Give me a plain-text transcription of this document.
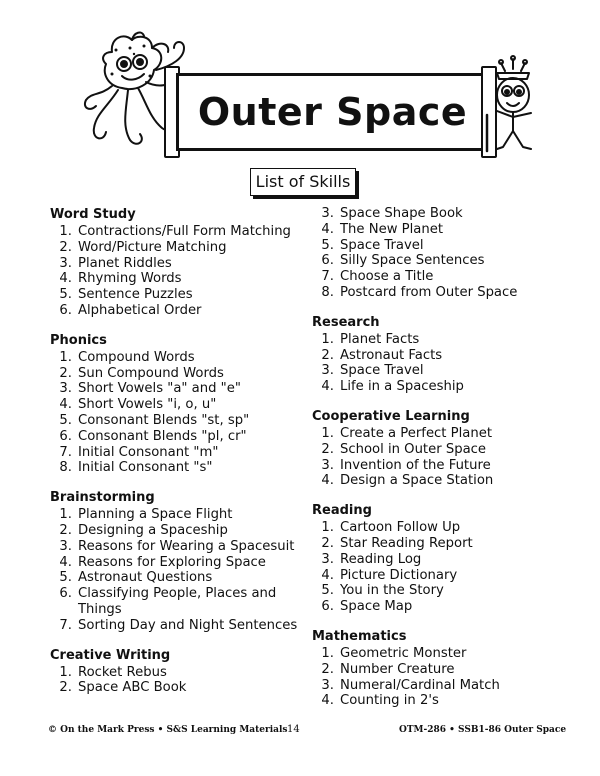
Outer Space
List of Skills
Word Study
1. Contractions/Full Form Matching
2. Word/Picture Matching
3. Planet Riddles
4. Rhyming Words
5. Sentence Puzzles
6. Alphabetical Order
Phonics
1. Compound Words
2. Sun Compound Words
3. Short Vowels "a" and "e"
4. Short Vowels "i, o, u"
5. Consonant Blends "st, sp"
6. Consonant Blends "pl, cr"
7. Initial Consonant "m"
8. Initial Consonant "s"
Brainstorming
1. Planning a Space Flight
2. Designing a Spaceship
3. Reasons for Wearing a Spacesuit
4. Reasons for Exploring Space
5. Astronaut Questions
6. Classifying People, Places and
Things
7. Sorting Day and Night Sentences
Creative Writing
1. Rocket Rebus
2. Space ABC Book
3. Space Shape Book
4. The New Planet
5. Space Travel
6. Silly Space Sentences
7. Choose a Title
8. Postcard from Outer Space
Research
1. Planet Facts
2. Astronaut Facts
3. Space Travel
4. Life in a Spaceship
Cooperative Learning
1. Create a Perfect Planet
2. School in Outer Space
3. Invention of the Future
4. Design a Space Station
Reading
1. Cartoon Follow Up
2. Star Reading Report
3. Reading Log
4. Picture Dictionary
5. You in the Story
6. Space Map
Mathematics
1. Geometric Monster
2. Number Creature
3. Numeral/Cardinal Match
4. Counting in 2's
© On the Mark Press • S&S Learning Materials 14	OTM-286 • SSB1-86 Outer Space
